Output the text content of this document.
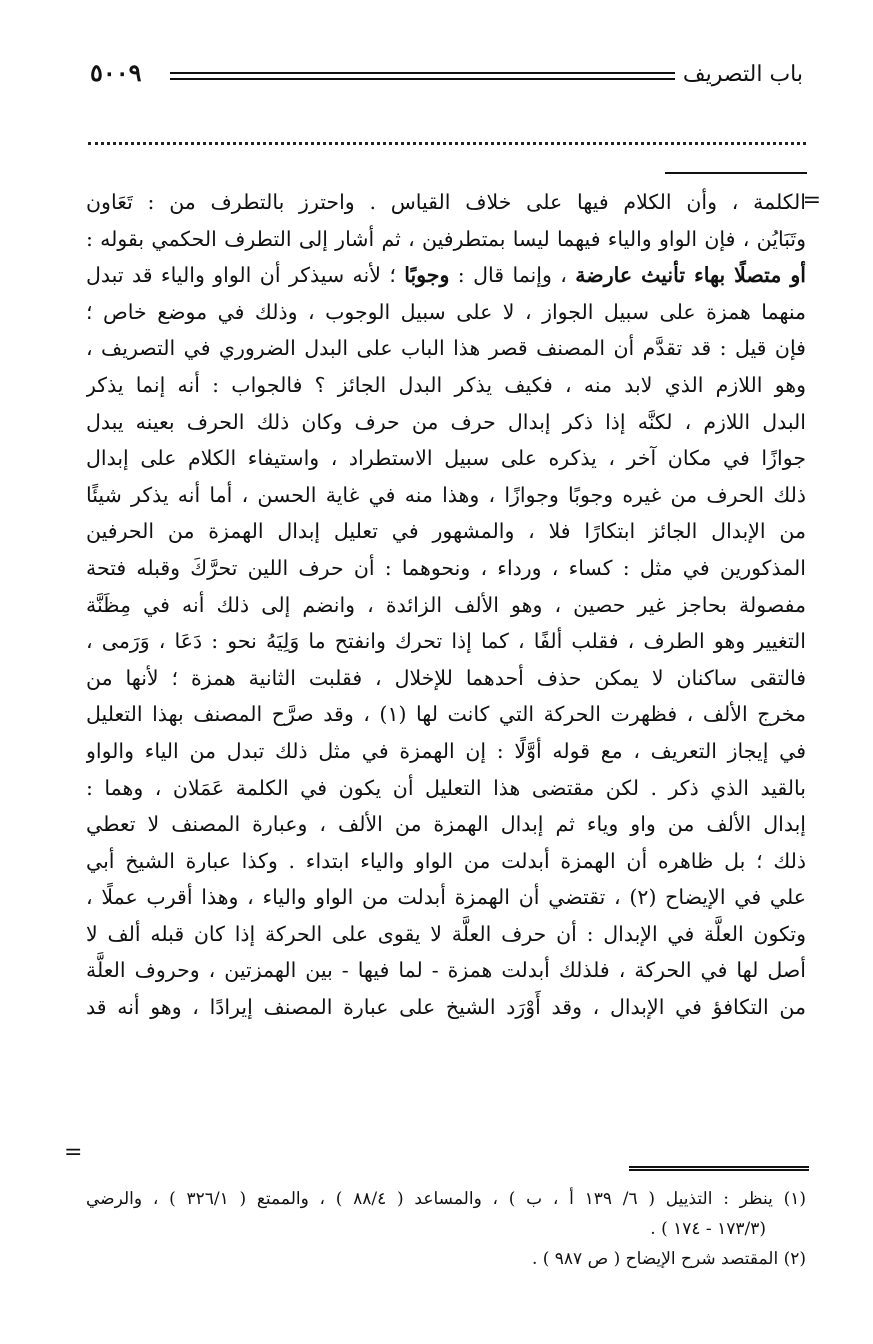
باب التصريف
٥٠٠٩
=
الكلمة ، وأن الكلام فيها على خلاف القياس . واحترز بالتطرف من : تَعَاون
وتَبَايُن ، فإن الواو والياء فيهما ليسا بمتطرفين ، ثم أشار إلى التطرف الحكمي بقوله :
أو متصلًا بهاء تأنيث عارضة ، وإنما قال : وجوبًا ؛ لأنه سيذكر أن الواو والياء قد تبدل
منهما همزة على سبيل الجواز ، لا على سبيل الوجوب ، وذلك في موضع خاص ؛
فإن قيل : قد تقدَّم أن المصنف قصر هذا الباب على البدل الضروري في التصريف ،
وهو اللازم الذي لابد منه ، فكيف يذكر البدل الجائز ؟ فالجواب : أنه إنما يذكر
البدل اللازم ، لكنَّه إذا ذكر إبدال حرف من حرف وكان ذلك الحرف بعينه يبدل
جوازًا في مكان آخر ، يذكره على سبيل الاستطراد ، واستيفاء الكلام على إبدال
ذلك الحرف من غيره وجوبًا وجوازًا ، وهذا منه في غاية الحسن ، أما أنه يذكر شيئًا
من الإبدال الجائز ابتكارًا فلا ، والمشهور في تعليل إبدال الهمزة من الحرفين
المذكورين في مثل : كساء ، ورداء ، ونحوهما : أن حرف اللين تحرَّكَ وقبله فتحة
مفصولة بحاجز غير حصين ، وهو الألف الزائدة ، وانضم إلى ذلك أنه في مِظَنَّة
التغيير وهو الطرف ، فقلب ألفًا ، كما إذا تحرك وانفتح ما وَلِيَهُ نحو : دَعَا ، وَرَمى ،
فالتقى ساكنان لا يمكن حذف أحدهما للإخلال ، فقلبت الثانية همزة ؛ لأنها من
مخرج الألف ، فظهرت الحركة التي كانت لها (١) ، وقد صرَّح المصنف بهذا التعليل
في إيجاز التعريف ، مع قوله أوَّلًا : إن الهمزة في مثل ذلك تبدل من الياء والواو
بالقيد الذي ذكر . لكن مقتضى هذا التعليل أن يكون في الكلمة عَمَلان ، وهما :
إبدال الألف من واو وياء ثم إبدال الهمزة من الألف ، وعبارة المصنف لا تعطي
ذلك ؛ بل ظاهره أن الهمزة أبدلت من الواو والياء ابتداء . وكذا عبارة الشيخ أبي
علي في الإيضاح (٢) ، تقتضي أن الهمزة أبدلت من الواو والياء ، وهذا أقرب عملًا ،
وتكون العلَّة في الإبدال : أن حرف العلَّة لا يقوى على الحركة إذا كان قبله ألف لا
أصل لها في الحركة ، فلذلك أبدلت همزة - لما فيها - بين الهمزتين ، وحروف العلَّة
من التكافؤ في الإبدال ، وقد أَوْرَد الشيخ على عبارة المصنف إيرادًا ، وهو أنه قد
=
(١) ينظر : التذييل ( ٦/ ١٣٩ أ ، ب ) ، والمساعد ( ٨٨/٤ ) ، والممتع ( ٣٢٦/١ ) ، والرضي
(١٧٣/٣ - ١٧٤ ) .
(٢) المقتصد شرح الإيضاح ( ص ٩٨٧ ) .
